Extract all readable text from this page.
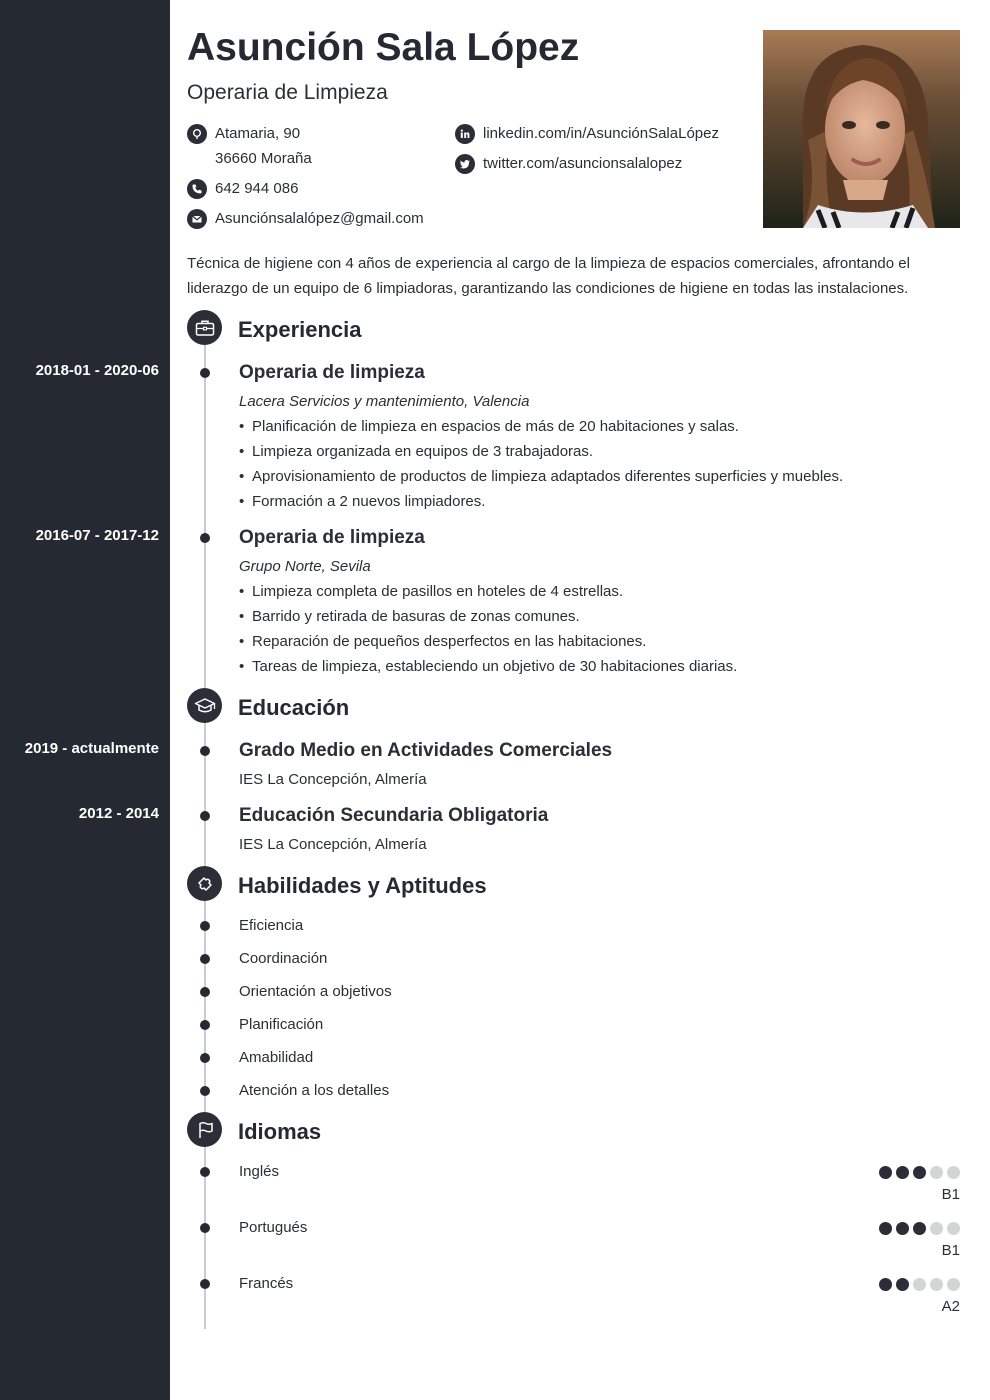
Asunción Sala López
Operaria de Limpieza
Atamaria, 90
36660 Moraña
642 944 086
Asunciónsalalópez@gmail.com
linkedin.com/in/AsunciónSalaLópez
twitter.com/asuncionsalalopez
Técnica de higiene con 4 años de experiencia al cargo de la limpieza de espacios comerciales, afrontando el liderazgo de un equipo de 6 limpiadoras, garantizando las condiciones de higiene en todas las instalaciones.
Experiencia
2018-01 - 2020-06	Operaria de limpieza
Lacera Servicios y mantenimiento, Valencia
• Planificación de limpieza en espacios de más de 20 habitaciones y salas.
• Limpieza organizada en equipos de 3 trabajadoras.
• Aprovisionamiento de productos de limpieza adaptados diferentes superficies y muebles.
• Formación a 2 nuevos limpiadores.
2016-07 - 2017-12	Operaria de limpieza
Grupo Norte, Sevila
• Limpieza completa de pasillos en hoteles de 4 estrellas.
• Barrido y retirada de basuras de zonas comunes.
• Reparación de pequeños desperfectos en las habitaciones.
• Tareas de limpieza, estableciendo un objetivo de 30 habitaciones diarias.
Educación
2019 - actualmente	Grado Medio en Actividades Comerciales
IES La Concepción, Almería
2012 - 2014	Educación Secundaria Obligatoria
IES La Concepción, Almería
Habilidades y Aptitudes
Eficiencia
Coordinación
Orientación a objetivos
Planificación
Amabilidad
Atención a los detalles
Idiomas
Inglés
B1
Portugués
B1
Francés
A2
